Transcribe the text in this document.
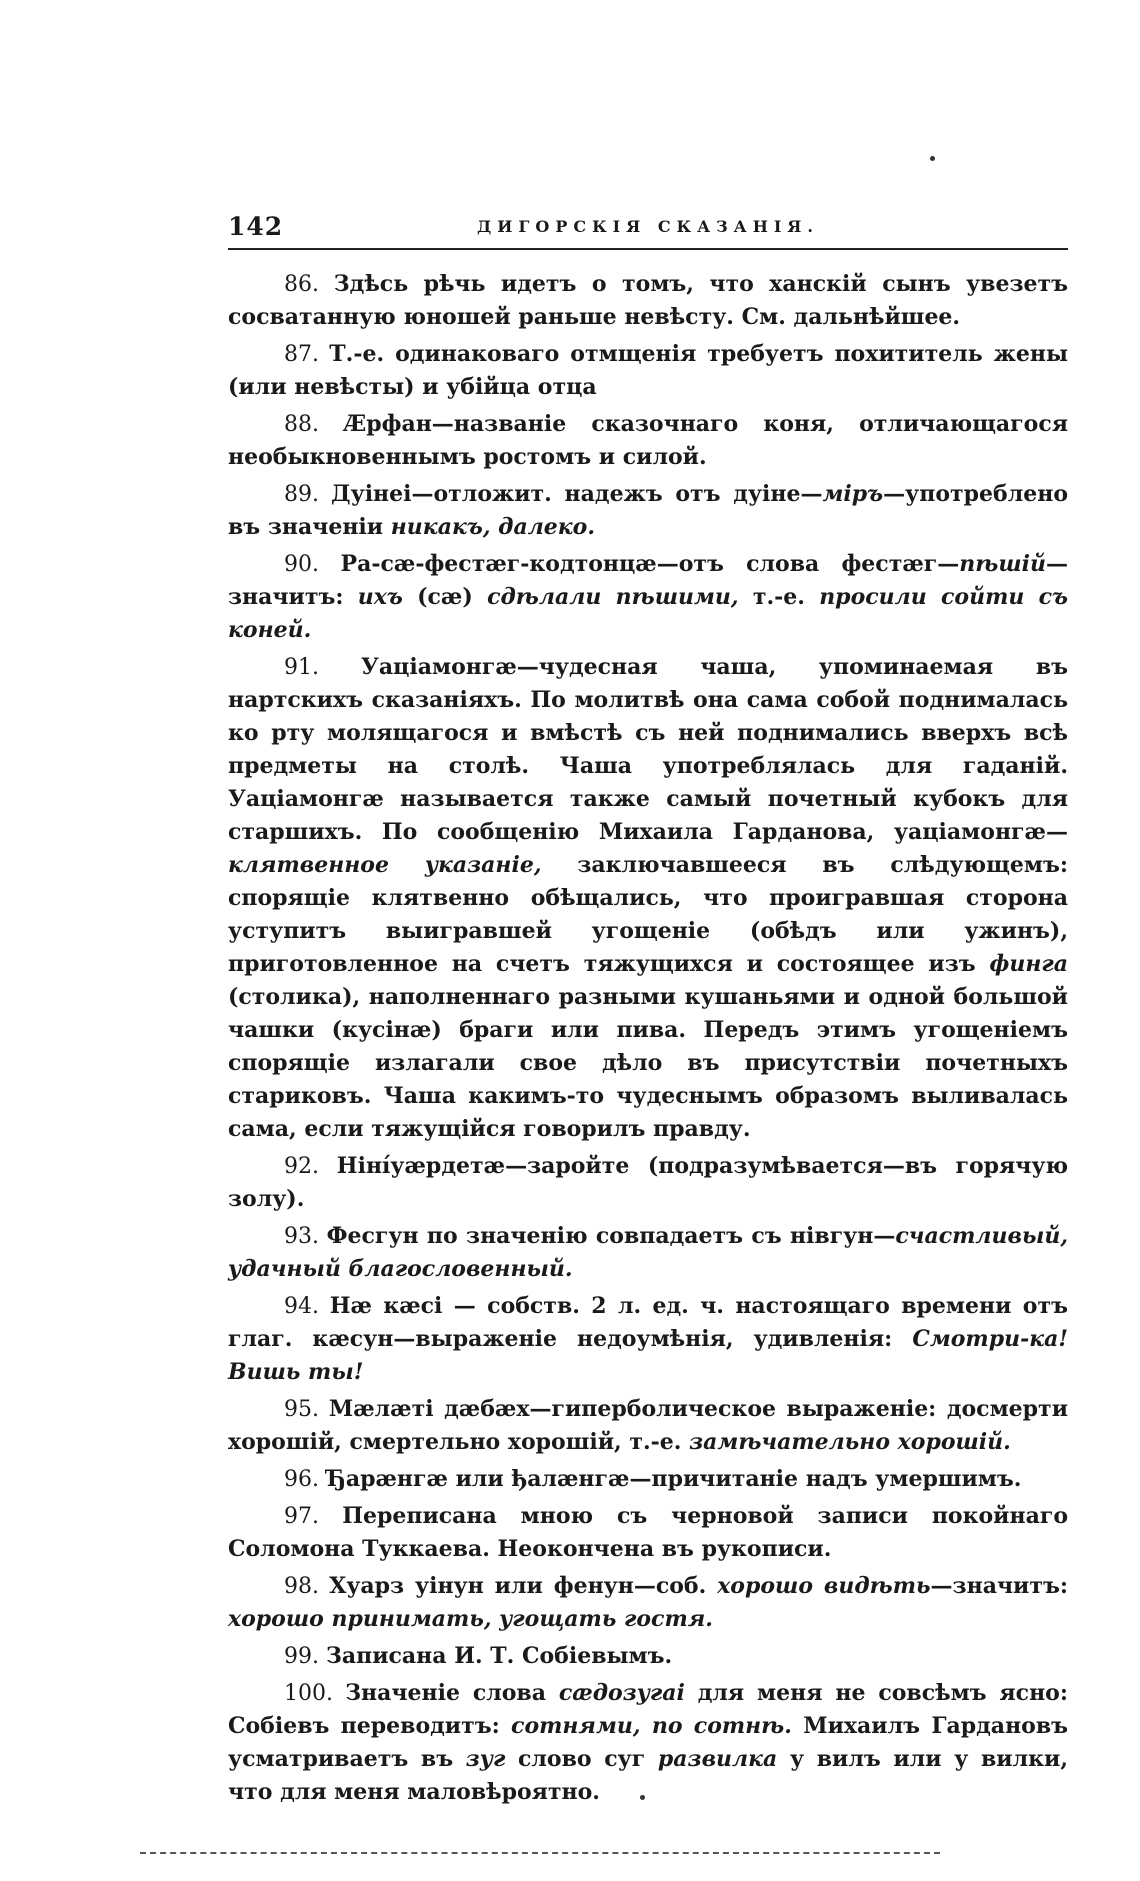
142	ДИГОРСКІЯ СКАЗАНІЯ.

86. Здѣсь рѣчь идетъ о томъ, что ханскій сынъ увезетъ сосватанную юношей раньше невѣсту. См. дальнѣйшее.

87. Т.-е. одинаковаго отмщенія требуетъ похититель жены (или невѣсты) и убійца отца

88. Æрфан—названіе сказочнаго коня, отличающагося необыкновеннымъ ростомъ и силой.

89. Дуінеі—отложит. надежъ отъ дуіне—міръ—употреблено въ значеніи никакъ, далеко.

90. Ра-сæ-фестæг-кодтонцæ—отъ слова фестæг—пѣшій—значитъ: ихъ (сæ) сдѣлали пѣшими, т.-е. просили сойти съ коней.

91. Уаціамонгæ—чудесная чаша, упоминаемая въ нартскихъ сказаніяхъ. По молитвѣ она сама собой поднималась ко рту молящагося и вмѣстѣ съ ней поднимались вверхъ всѣ предметы на столѣ. Чаша употреблялась для гаданій. Уаціамонгæ называется также самый почетный кубокъ для старшихъ. По сообщенію Михаила Гарданова, уаціамонгæ—клятвенное указаніе, заключавшееся въ слѣдующемъ: спорящіе клятвенно обѣщались, что проигравшая сторона уступитъ выигравшей угощеніе (обѣдъ или ужинъ), приготовленное на счетъ тяжущихся и состоящее изъ финга (столика), наполненнаго разными кушаньями и одной большой чашки (кусінæ) браги или пива. Передъ этимъ угощеніемъ спорящіе излагали свое дѣло въ присутствіи почетныхъ стариковъ. Чаша какимъ-то чудеснымъ образомъ выливалась сама, если тяжущійся говорилъ правду.

92. Ніні́уæрдетæ—заройте (подразумѣвается—въ горячую золу).

93. Фесгун по значенію совпадаетъ съ нівгун—счастливый, удачный благословенный.

94. Нæ кæсі — собств. 2 л. ед. ч. настоящаго времени отъ глаг. кæсун—выраженіе недоумѣнія, удивленія: Смотри-ка! Вишь ты!

95. Мæлæті дæбæх—гиперболическое выраженіе: досмерти хорошій, смертельно хорошій, т.-е. замѣчательно хорошій.

96. Ђарæнгæ или ђалæнгæ—причитаніе надъ умершимъ.

97. Переписана мною съ черновой записи покойнаго Соломона Туккаева. Неокончена въ рукописи.

98. Хуарз уінун или фенун—соб. хорошо видѣть—значитъ: хорошо принимать, угощать гостя.

99. Записана И. Т. Собіевымъ.

100. Значеніе слова сæдозугаі для меня не совсѣмъ ясно: Собіевъ переводитъ: сотнями, по сотнѣ. Михаилъ Гардановъ усматриваетъ въ зуг слово суг развилка у вилъ или у вилки, что для меня маловѣроятно.
